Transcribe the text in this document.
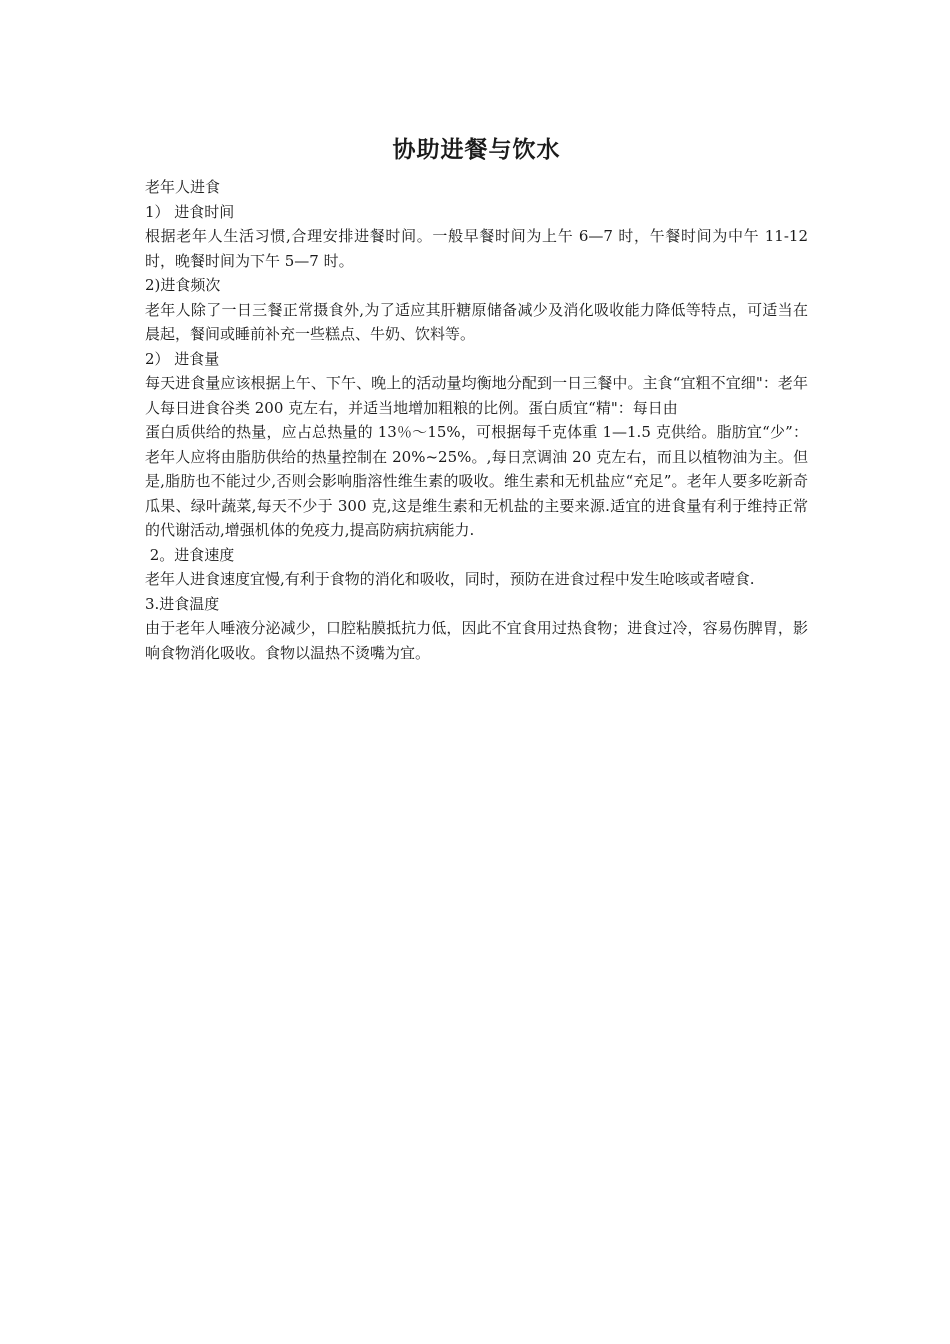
协助进餐与饮水

老年人进食

1） 进食时间

根据老年人生活习惯,合理安排进餐时间。一般早餐时间为上午 6—7 时，午餐时间为中午 11-12 时，晚餐时间为下午 5—7 时。

2)进食频次

老年人除了一日三餐正常摄食外,为了适应其肝糖原储备减少及消化吸收能力降低等特点，可适当在晨起，餐间或睡前补充一些糕点、牛奶、饮料等。

2） 进食量

每天进食量应该根据上午、下午、晚上的活动量均衡地分配到一日三餐中。主食“宜粗不宜细"：老年人每日进食谷类 200 克左右，并适当地增加粗粮的比例。蛋白质宜“精"：每日由

蛋白质供给的热量，应占总热量的 13％～15%，可根据每千克体重 1—1.5 克供给。脂肪宜“少”：老年人应将由脂肪供给的热量控制在 20%~25%。,每日烹调油 20 克左右，而且以植物油为主。但是,脂肪也不能过少,否则会影响脂溶性维生素的吸收。维生素和无机盐应“充足”。老年人要多吃新奇瓜果、绿叶蔬菜,每天不少于 300 克,这是维生素和无机盐的主要来源.适宜的进食量有利于维持正常的代谢活动,增强机体的免疫力,提高防病抗病能力.

2。进食速度

老年人进食速度宜慢,有利于食物的消化和吸收，同时，预防在进食过程中发生呛咳或者噎食.

3.进食温度

由于老年人唾液分泌减少，口腔粘膜抵抗力低，因此不宜食用过热食物；进食过冷，容易伤脾胃，影响食物消化吸收。食物以温热不烫嘴为宜。
